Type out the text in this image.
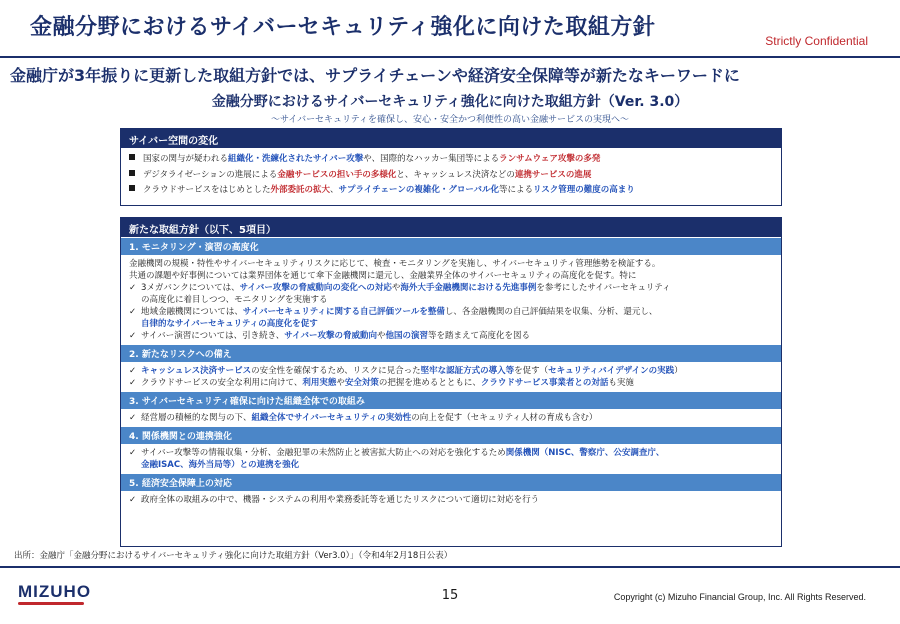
金融分野におけるサイバーセキュリティ強化に向けた取組方針
Strictly Confidential
金融庁が3年振りに更新した取組方針では、サプライチェーンや経済安全保障等が新たなキーワードに
金融分野におけるサイバーセキュリティ強化に向けた取組方針（Ver. 3.0）
〜サイバーセキュリティを確保し、安心・安全かつ利便性の高い金融サービスの実現へ〜
サイバー空間の変化
国家の関与が疑われる組織化・洗練化されたサイバー攻撃や、国際的なハッカー集団等によるランサムウェア攻撃の多発
デジタライゼーションの進展による金融サービスの担い手の多様化と、キャッシュレス決済などの連携サービスの進展
クラウドサービスをはじめとした外部委託の拡大、サプライチェーンの複雑化・グローバル化等によるリスク管理の難度の高まり
新たな取組方針（以下、5項目）
1. モニタリング・演習の高度化
金融機関の規模・特性やサイバーセキュリティリスクに応じて、検査・モニタリングを実施し、サイバーセキュリティ管理態勢を検証する。
共通の課題や好事例については業界団体を通じて傘下金融機関に還元し、金融業界全体のサイバーセキュリティの高度化を促す。特に
✓ 3メガバンクについては、サイバー攻撃の脅威動向の変化への対応や海外大手金融機関における先進事例を参考にしたサイバーセキュリティ
の高度化に着目しつつ、モニタリングを実施する
✓ 地域金融機関については、サイバーセキュリティに関する自己評価ツールを整備し、各金融機関の自己評価結果を収集、分析、還元し、
自律的なサイバーセキュリティの高度化を促す
✓ サイバー演習については、引き続き、サイバー攻撃の脅威動向や他国の演習等を踏まえて高度化を図る
2. 新たなリスクへの備え
✓ キャッシュレス決済サービスの安全性を確保するため、リスクに見合った堅牢な認証方式の導入等を促す（セキュリティバイデザインの実践）
✓ クラウドサービスの安全な利用に向けて、利用実態や安全対策の把握を進めるとともに、クラウドサービス事業者との対話も実施
3. サイバーセキュリティ確保に向けた組織全体での取組み
✓ 経営層の積極的な関与の下、組織全体でサイバーセキュリティの実効性の向上を促す（セキュリティ人材の育成も含む）
4. 関係機関との連携強化
✓ サイバー攻撃等の情報収集・分析、金融犯罪の未然防止と被害拡大防止への対応を強化するため関係機関（NISC、警察庁、公安調査庁、
金融ISAC、海外当局等）との連携を強化
5. 経済安全保障上の対応
✓ 政府全体の取組みの中で、機器・システムの利用や業務委託等を通じたリスクについて適切に対応を行う
出所：金融庁「金融分野におけるサイバーセキュリティ強化に向けた取組方針（Ver3.0）」（令和4年2月18日公表）
MIZUHO	15	Copyright (c) Mizuho Financial Group, Inc. All Rights Reserved.
